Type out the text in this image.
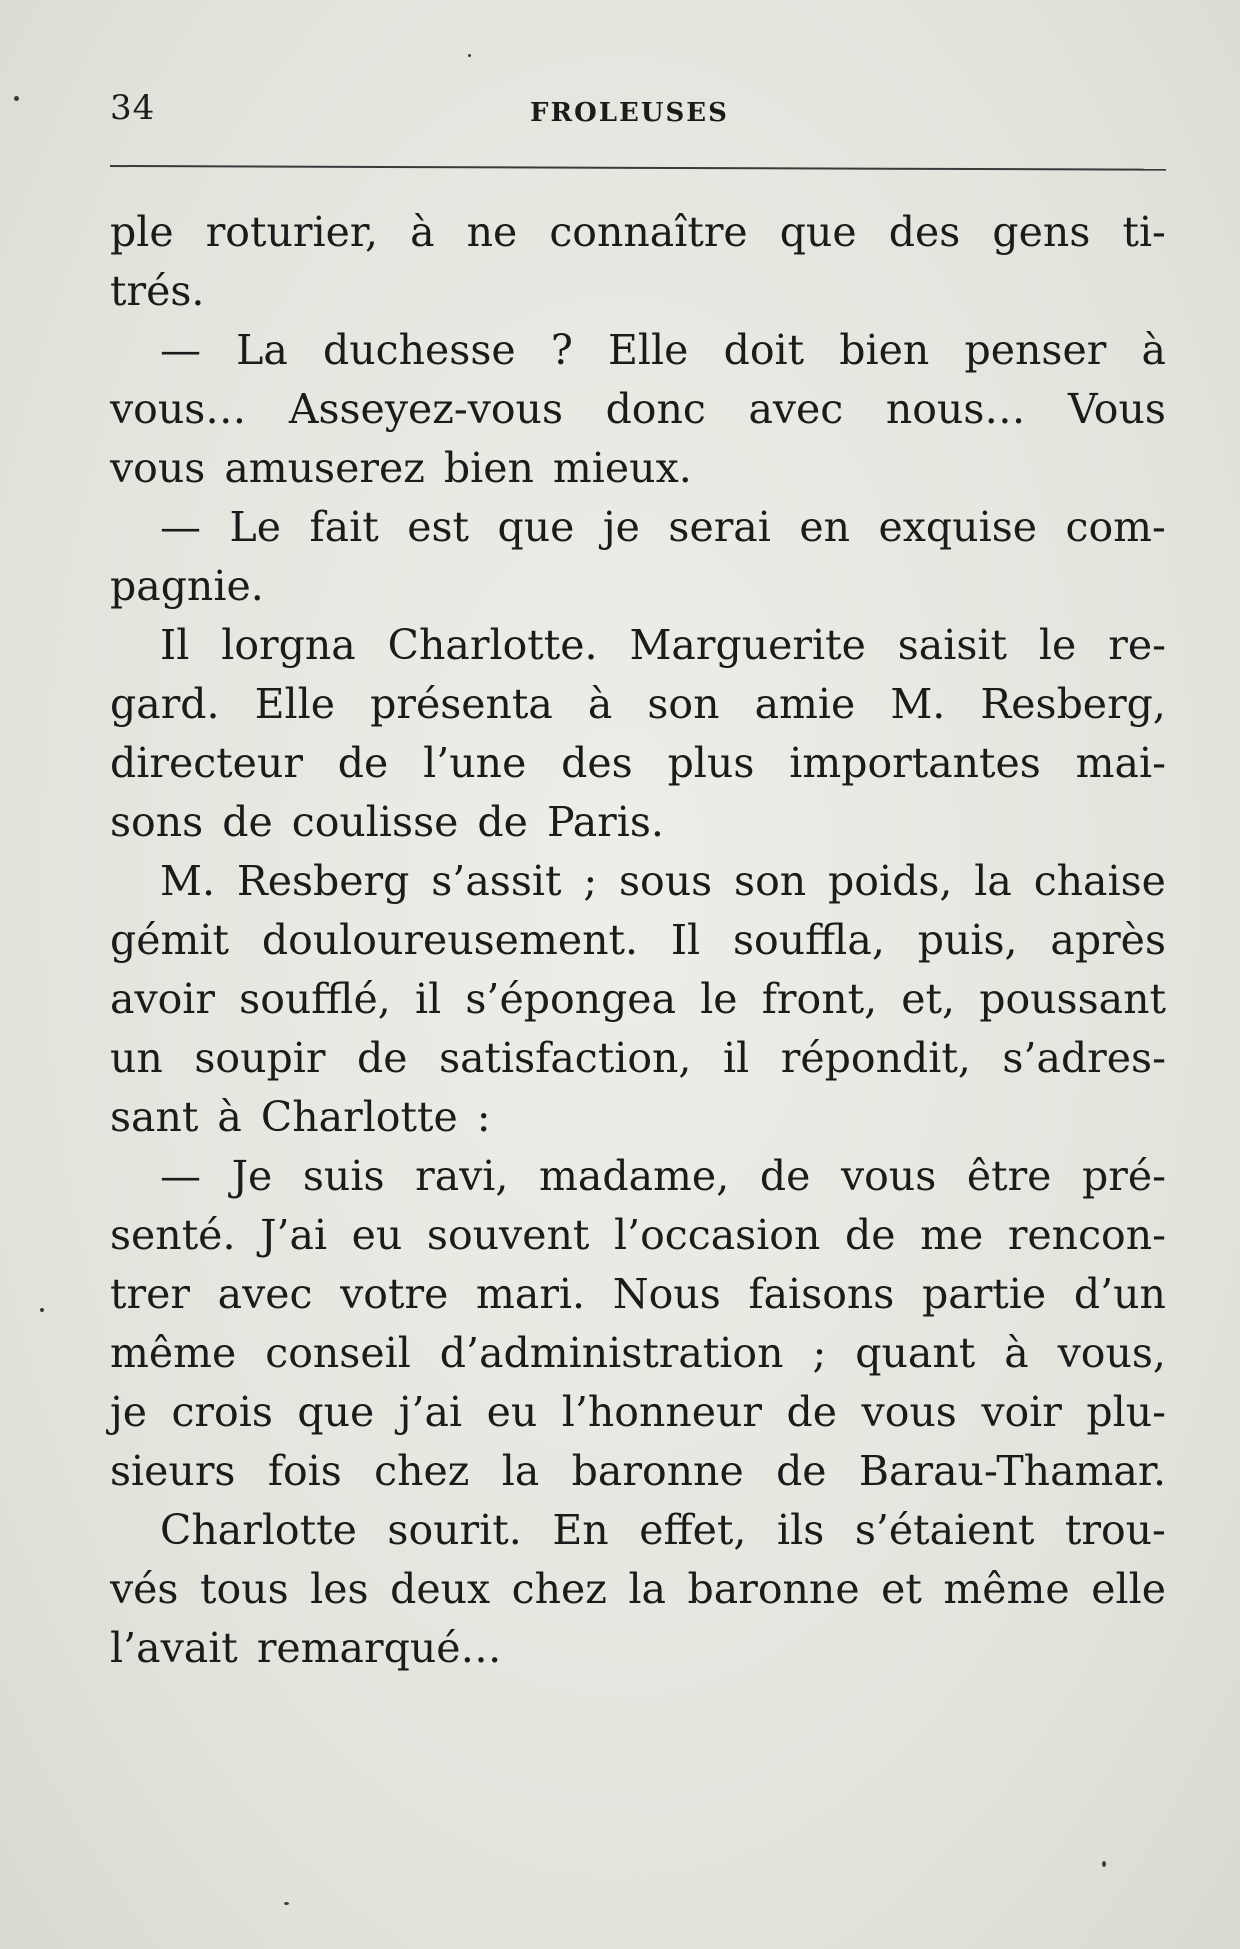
34	FROLEUSES
ple roturier, à ne connaître que des gens ti-
trés.
— La duchesse ? Elle doit bien penser à
vous… Asseyez-vous donc avec nous… Vous
vous amuserez bien mieux.
— Le fait est que je serai en exquise com-
pagnie.
Il lorgna Charlotte. Marguerite saisit le re-
gard. Elle présenta à son amie M. Resberg,
directeur de l’une des plus importantes mai-
sons de coulisse de Paris.
M. Resberg s’assit ; sous son poids, la chaise
gémit douloureusement. Il souffla, puis, après
avoir soufflé, il s’épongea le front, et, poussant
un soupir de satisfaction, il répondit, s’adres-
sant à Charlotte :
— Je suis ravi, madame, de vous être pré-
senté. J’ai eu souvent l’occasion de me rencon-
trer avec votre mari. Nous faisons partie d’un
même conseil d’administration ; quant à vous,
je crois que j’ai eu l’honneur de vous voir plu-
sieurs fois chez la baronne de Barau-Thamar.
Charlotte sourit. En effet, ils s’étaient trou-
vés tous les deux chez la baronne et même elle
l’avait remarqué…
